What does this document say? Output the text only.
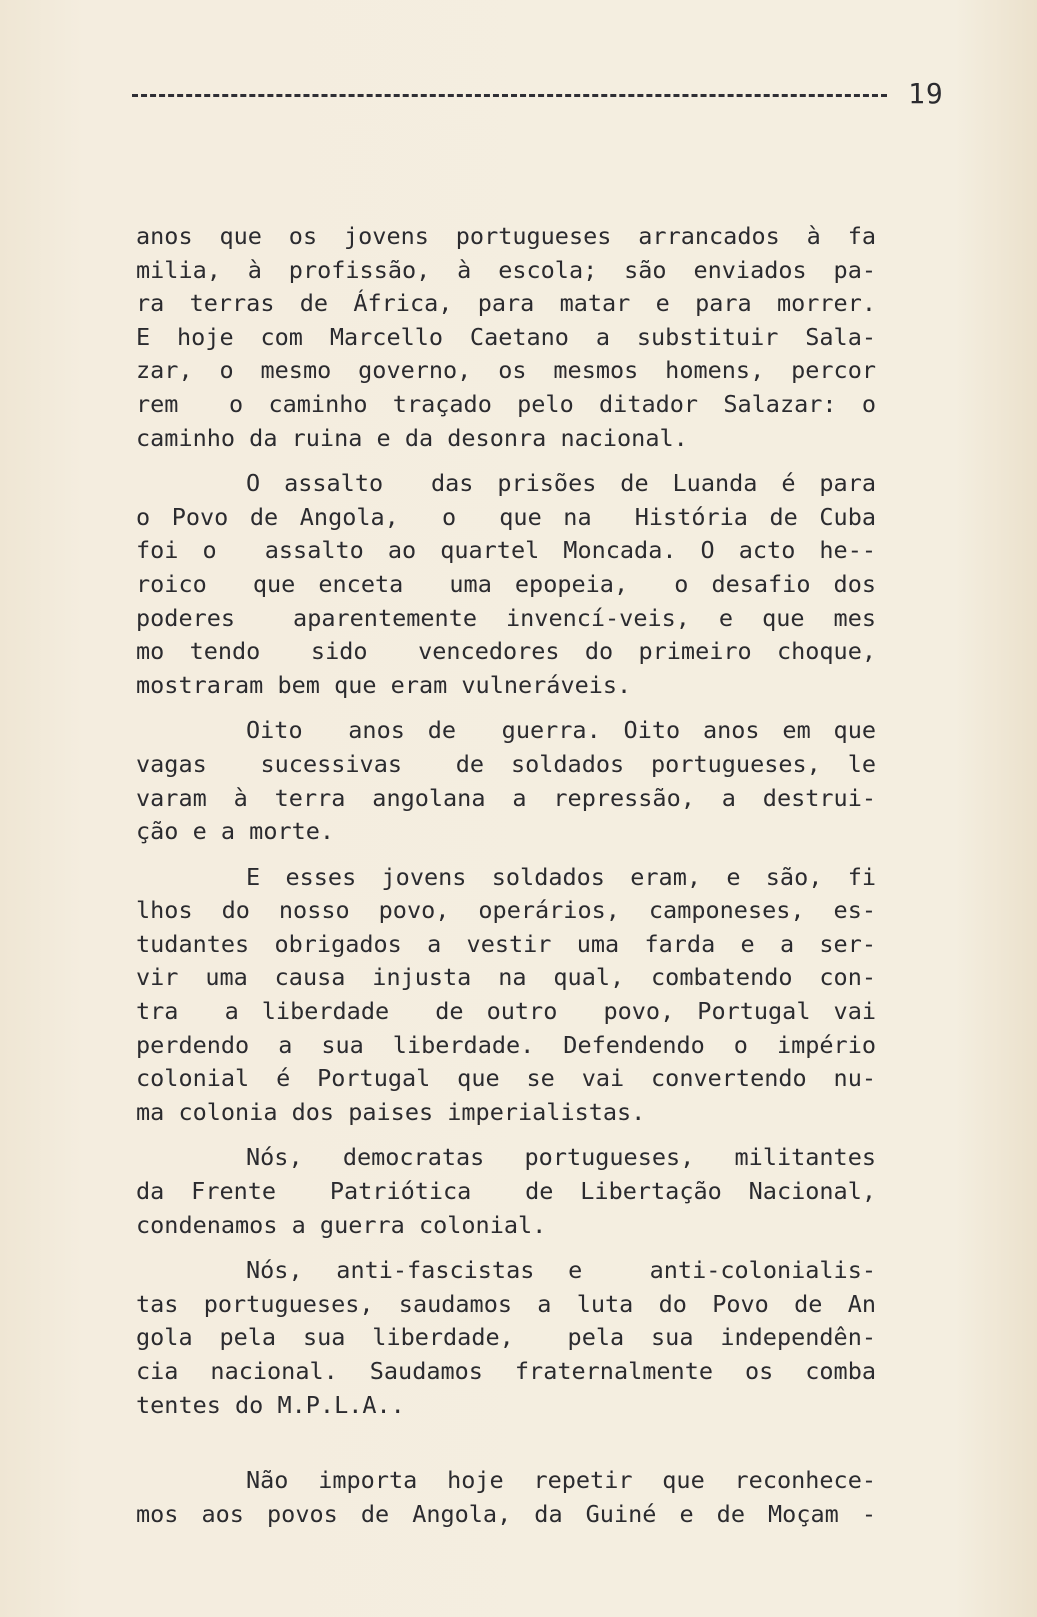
19

anos que os jovens portugueses arrancados à fa
milia, à profissão, à escola; são enviados pa-
ra terras de África, para matar e para morrer.
E hoje com Marcello Caetano a substituir Sala-
zar, o mesmo governo, os mesmos homens, percor
rem  o caminho traçado pelo ditador Salazar: o
caminho da ruina e da desonra nacional.

O assalto  das prisões de Luanda é para
o Povo de Angola,  o  que na  História de Cuba
foi o  assalto ao quartel Moncada. O acto he--
roico  que enceta  uma epopeia,  o desafio dos
poderes  aparentemente invencí-veis, e que mes
mo tendo  sido  vencedores do primeiro choque,
mostraram bem que eram vulneráveis.

Oito  anos de  guerra. Oito anos em que
vagas  sucessivas  de soldados portugueses, le
varam à terra angolana a repressão, a destrui-
ção e a morte.

E esses jovens soldados eram, e são, fi
lhos do nosso povo, operários, camponeses, es-
tudantes obrigados a vestir uma farda e a ser-
vir uma causa injusta na qual, combatendo con-
tra  a liberdade  de outro  povo, Portugal vai
perdendo a sua liberdade. Defendendo o império
colonial é Portugal que se vai convertendo nu-
ma colonia dos paises imperialistas.

Nós, democratas portugueses, militantes
da Frente  Patriótica  de Libertação Nacional,
condenamos a guerra colonial.

Nós, anti-fascistas e  anti-colonialis-
tas portugueses, saudamos a luta do Povo de An
gola pela sua liberdade,  pela sua independên-
cia nacional. Saudamos fraternalmente os comba
tentes do M.P.L.A..

Não importa hoje repetir que reconhece-
mos aos povos de Angola, da Guiné e de Moçam -
